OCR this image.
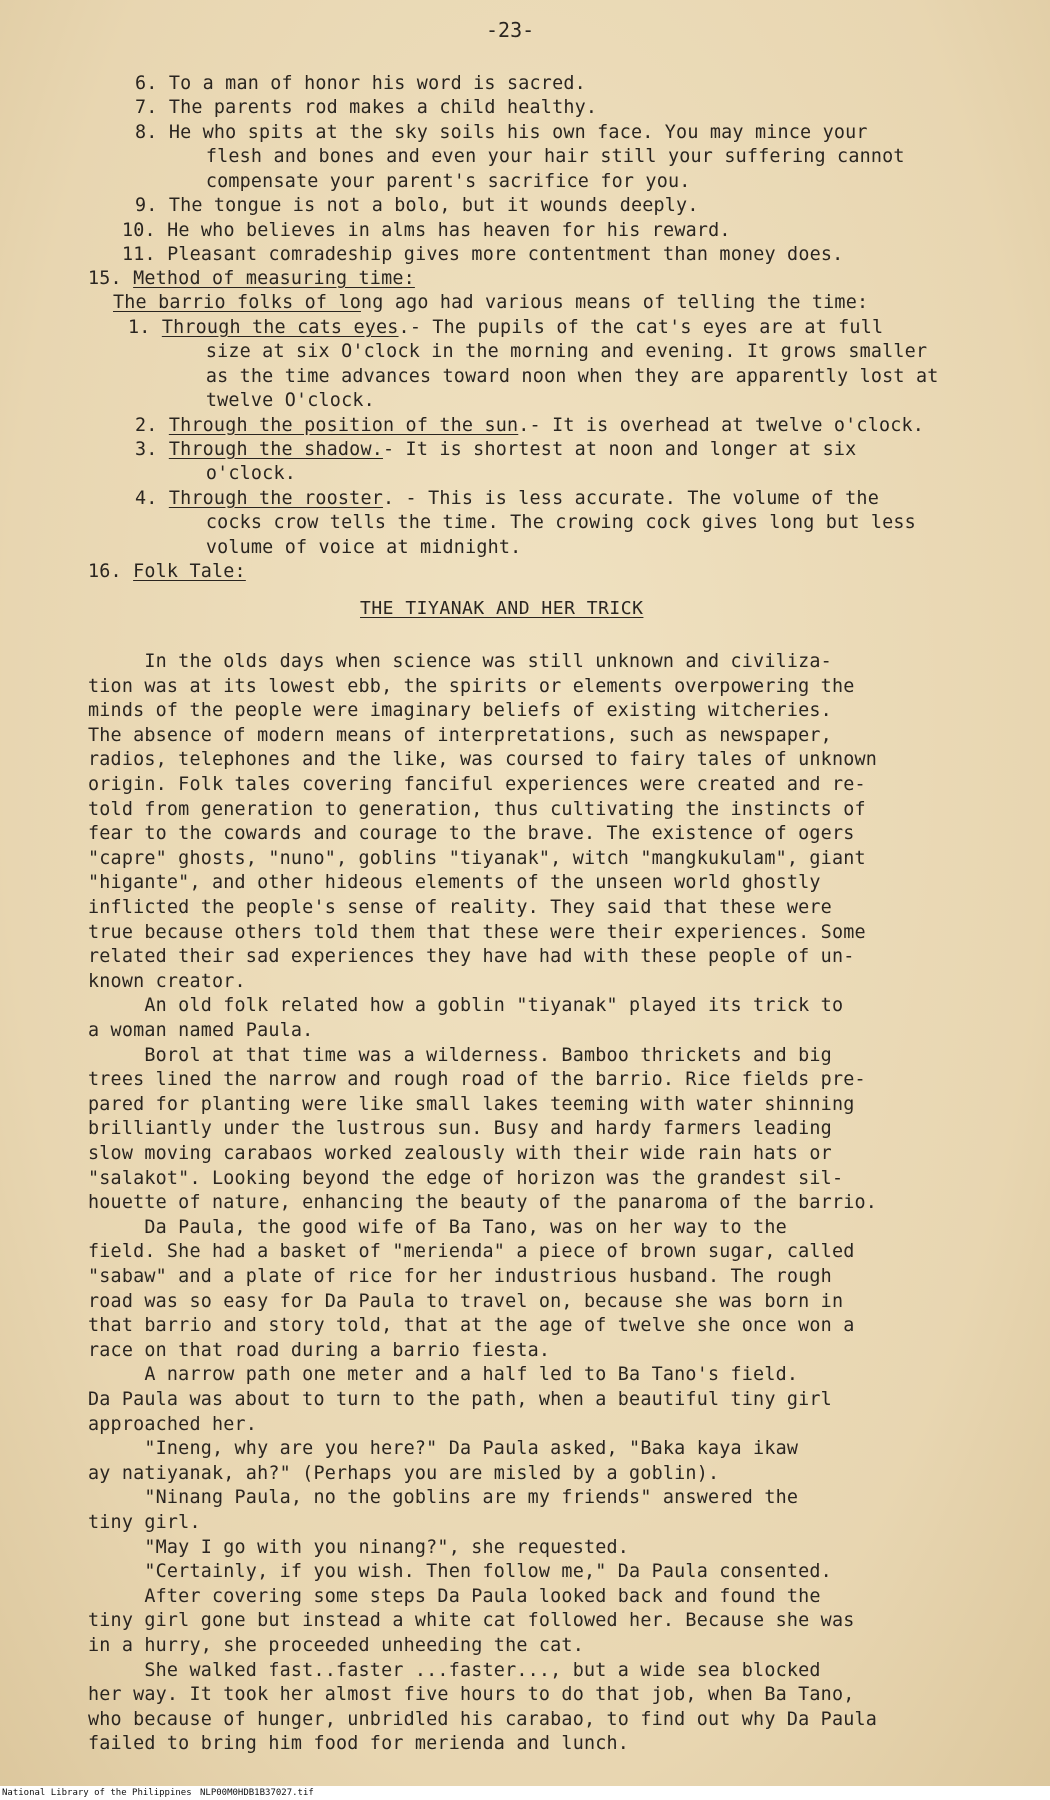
-23-
6. To a man of honor his word is sacred.
7. The parents rod makes a child healthy.
8. He who spits at the sky soils his own face. You may mince your
flesh and bones and even your hair still your suffering cannot
compensate your parent's sacrifice for you.
9. The tongue is not a bolo, but it wounds deeply.
10. He who believes in alms has heaven for his reward.
11. Pleasant comradeship gives more contentment than money does.
15. Method of measuring time:
The barrio folks of long ago had various means of telling the time:
1. Through the cats eyes.- The pupils of the cat's eyes are at full
size at six O'clock in the morning and evening. It grows smaller
as the time advances toward noon when they are apparently lost at
twelve O'clock.
2. Through the position of the sun.- It is overhead at twelve o'clock.
3. Through the shadow.- It is shortest at noon and longer at six
o'clock.
4. Through the rooster. - This is less accurate. The volume of the
cocks crow tells the time. The crowing cock gives long but less
volume of voice at midnight.
16. Folk Tale:
In the olds days when science was still unknown and civiliza-
tion was at its lowest ebb, the spirits or elements overpowering the
minds of the people were imaginary beliefs of existing witcheries.
The absence of modern means of interpretations, such as newspaper,
radios, telephones and the like, was coursed to fairy tales of unknown
origin. Folk tales covering fanciful experiences were created and re-
told from generation to generation, thus cultivating the instincts of
fear to the cowards and courage to the brave. The existence of ogers
"capre" ghosts, "nuno", goblins "tiyanak", witch "mangkukulam", giant
"higante", and other hideous elements of the unseen world ghostly
inflicted the people's sense of reality. They said that these were
true because others told them that these were their experiences. Some
related their sad experiences they have had with these people of un-
known creator.
An old folk related how a goblin "tiyanak" played its trick to
a woman named Paula.
Borol at that time was a wilderness. Bamboo thrickets and big
trees lined the narrow and rough road of the barrio. Rice fields pre-
pared for planting were like small lakes teeming with water shinning
brilliantly under the lustrous sun. Busy and hardy farmers leading
slow moving carabaos worked zealously with their wide rain hats or
"salakot". Looking beyond the edge of horizon was the grandest sil-
houette of nature, enhancing the beauty of the panaroma of the barrio.
Da Paula, the good wife of Ba Tano, was on her way to the
field. She had a basket of "merienda" a piece of brown sugar, called
"sabaw" and a plate of rice for her industrious husband. The rough
road was so easy for Da Paula to travel on, because she was born in
that barrio and story told, that at the age of twelve she once won a
race on that road during a barrio fiesta.
A narrow path one meter and a half led to Ba Tano's field.
Da Paula was about to turn to the path, when a beautiful tiny girl
approached her.
"Ineng, why are you here?" Da Paula asked, "Baka kaya ikaw
ay natiyanak, ah?" (Perhaps you are misled by a goblin).
"Ninang Paula, no the goblins are my friends" answered the
tiny girl.
"May I go with you ninang?", she requested.
"Certainly, if you wish. Then follow me," Da Paula consented.
After covering some steps Da Paula looked back and found the
tiny girl gone but instead a white cat followed her. Because she was
in a hurry, she proceeded unheeding the cat.
She walked fast..faster ...faster..., but a wide sea blocked
her way. It took her almost five hours to do that job, when Ba Tano,
who because of hunger, unbridled his carabao, to find out why Da Paula
failed to bring him food for merienda and lunch.
THE TIYANAK AND HER TRICK
National Library of the Philippines NLP00M0HDB1B37027.tif
